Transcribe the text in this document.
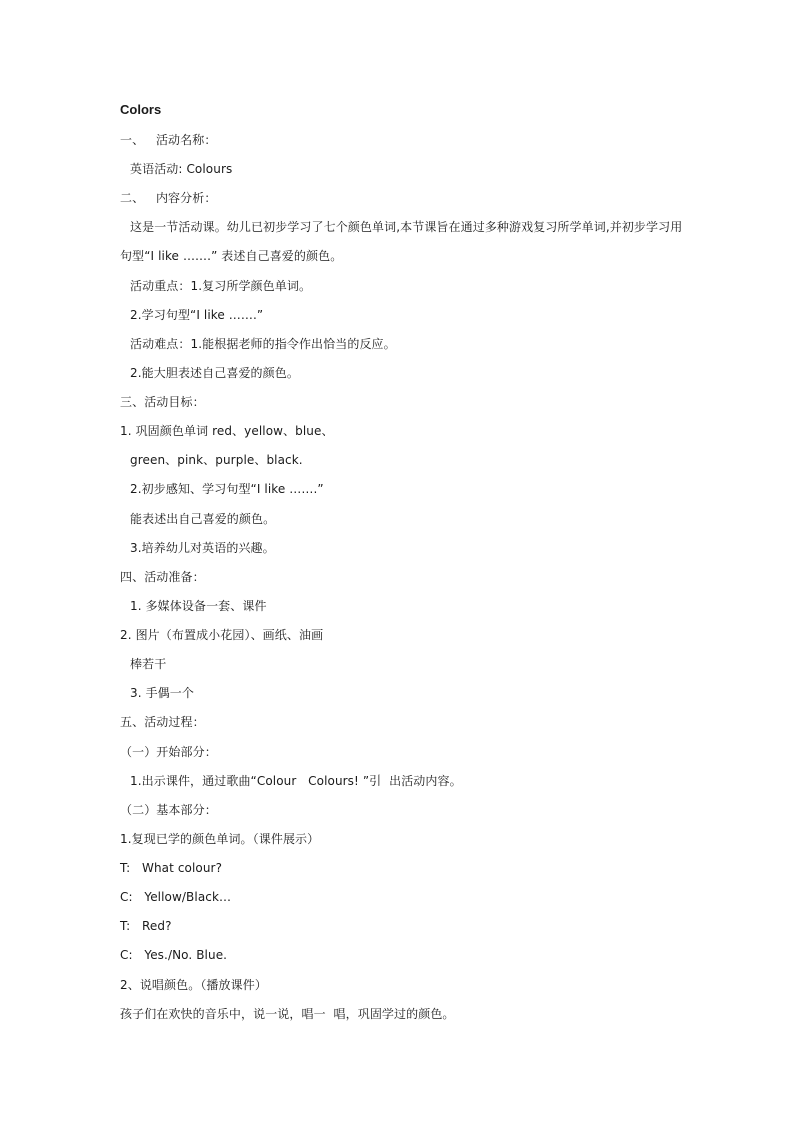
Colors
一、   活动名称：
英语活动: Colours
二、   内容分析：
这是一节活动课。幼儿已初步学习了七个颜色单词,本节课旨在通过多种游戏复习所学单词,并初步学习用
句型“I like …….” 表述自己喜爱的颜色。
活动重点：1.复习所学颜色单词。
2.学习句型“I like …….”
活动难点：1.能根据老师的指令作出恰当的反应。
2.能大胆表述自己喜爱的颜色。
三、活动目标：
1. 巩固颜色单词 red、yellow、blue、
green、pink、purple、black.
2.初步感知、学习句型“I like …….”
能表述出自己喜爱的颜色。
3.培养幼儿对英语的兴趣。
四、活动准备：
1. 多媒体设备一套、课件
2. 图片（布置成小花园）、画纸、油画
棒若干
3. 手偶一个
五、活动过程：
（一）开始部分：
1.出示课件，通过歌曲“Colour   Colours! ”引  出活动内容。
（二）基本部分：
1.复现已学的颜色单词。（课件展示）
T:   What colour?
C:   Yellow/Black…
T:   Red?
C:   Yes./No. Blue.
2、说唱颜色。（播放课件）
孩子们在欢快的音乐中，说一说，唱一  唱，巩固学过的颜色。
